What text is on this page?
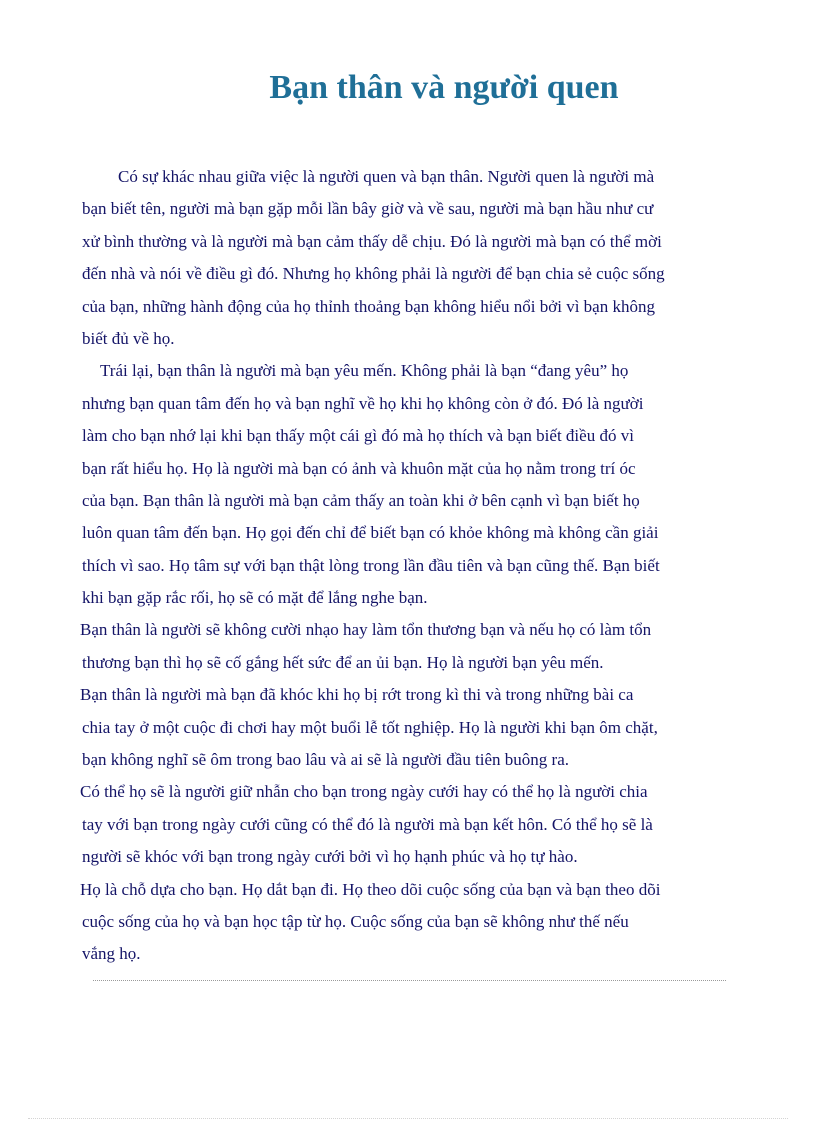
Bạn thân và người quen
Có sự khác nhau giữa việc là người quen và bạn thân. Người quen là người mà
bạn biết tên, người mà bạn gặp mỗi lần bây giờ và về sau, người mà bạn hầu như cư
xử bình thường và là người mà bạn cảm thấy dễ chịu. Đó là người mà bạn có thể mời
đến nhà và nói về điều gì đó. Nhưng họ không phải là người để bạn chia sẻ cuộc sống
của bạn, những hành động của họ thỉnh thoảng bạn không hiểu nổi bởi vì bạn không
biết đủ về họ.
Trái lại, bạn thân là người mà bạn yêu mến. Không phải là bạn “đang yêu” họ
nhưng bạn quan tâm đến họ và bạn nghĩ về họ khi họ không còn ở đó. Đó là người
làm cho bạn nhớ lại khi bạn thấy một cái gì đó mà họ thích và bạn biết điều đó vì
bạn rất hiểu họ. Họ là người mà bạn có ảnh và khuôn mặt của họ nằm trong trí óc
của bạn. Bạn thân là người mà bạn cảm thấy an toàn khi ở bên cạnh vì bạn biết họ
luôn quan tâm đến bạn. Họ gọi đến chỉ để biết bạn có khỏe không mà không cần giải
thích vì sao. Họ tâm sự với bạn thật lòng trong lần đầu tiên và bạn cũng thế. Bạn biết
khi bạn gặp rắc rối, họ sẽ có mặt để lắng nghe bạn.
Bạn thân là người sẽ không cười nhạo hay làm tổn thương bạn và nếu họ có làm tổn
thương bạn thì họ sẽ cố gắng hết sức để an ủi bạn. Họ là người bạn yêu mến.
Bạn thân là người mà bạn đã khóc khi họ bị rớt trong kì thi và trong những bài ca
chia tay ở một cuộc đi chơi hay một buổi lễ tốt nghiệp. Họ là người khi bạn ôm chặt,
bạn không nghĩ sẽ ôm trong bao lâu và ai sẽ là người đầu tiên buông ra.
Có thể họ sẽ là người giữ nhẫn cho bạn trong ngày cưới hay có thể họ là người chia
tay với bạn trong ngày cưới cũng có thể đó là người mà bạn kết hôn. Có thể họ sẽ là
người sẽ khóc với bạn trong ngày cưới bởi vì họ hạnh phúc và họ tự hào.
Họ là chỗ dựa cho bạn. Họ dắt bạn đi. Họ theo dõi cuộc sống của bạn và bạn theo dõi
cuộc sống của họ và bạn học tập từ họ. Cuộc sống của bạn sẽ không như thế nếu
vắng họ.
